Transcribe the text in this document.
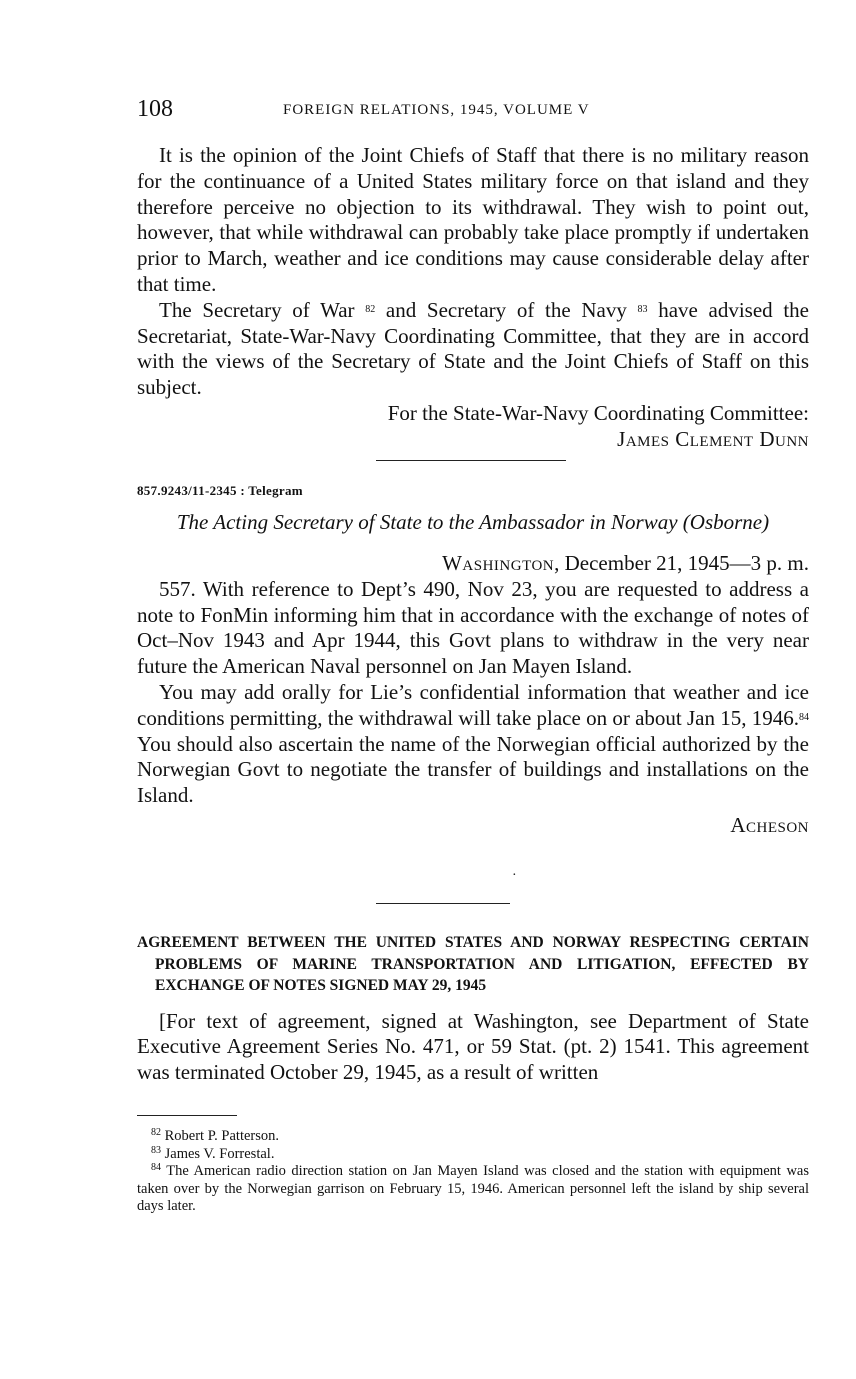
108	FOREIGN RELATIONS, 1945, VOLUME V

It is the opinion of the Joint Chiefs of Staff that there is no military reason for the continuance of a United States military force on that island and they therefore perceive no objection to its withdrawal. They wish to point out, however, that while withdrawal can probably take place promptly if undertaken prior to March, weather and ice conditions may cause considerable delay after that time.

The Secretary of War $^{82}$ and Secretary of the Navy $^{83}$ have advised the Secretariat, State-War-Navy Coordinating Committee, that they are in accord with the views of the Secretary of State and the Joint Chiefs of Staff on this subject.

For the State-War-Navy Coordinating Committee:
James Clement Dunn
857.9243/11-2345 : Telegram
The Acting Secretary of State to the Ambassador in Norway (Osborne)
Washington, December 21, 1945—3 p. m.

557. With reference to Dept’s 490, Nov 23, you are requested to address a note to FonMin informing him that in accordance with the exchange of notes of Oct–Nov 1943 and Apr 1944, this Govt plans to withdraw in the very near future the American Naval personnel on Jan Mayen Island.

You may add orally for Lie’s confidential information that weather and ice conditions permitting, the withdrawal will take place on or about Jan 15, 1946.84 You should also ascertain the name of the Norwegian official authorized by the Norwegian Govt to negotiate the transfer of buildings and installations on the Island.

Acheson
·
AGREEMENT BETWEEN THE UNITED STATES AND NORWAY RESPECTING CERTAIN PROBLEMS OF MARINE TRANSPORTATION AND LITIGATION, EFFECTED BY EXCHANGE OF NOTES SIGNED MAY 29, 1945

[For text of agreement, signed at Washington, see Department of State Executive Agreement Series No. 471, or 59 Stat. (pt. 2) 1541. This agreement was terminated October 29, 1945, as a result of written

$^{82}$ Robert P. Patterson.

$^{83}$ James V. Forrestal.

$^{84}$ The American radio direction station on Jan Mayen Island was closed and the station with equipment was taken over by the Norwegian garrison on February 15, 1946. American personnel left the island by ship several days later.
